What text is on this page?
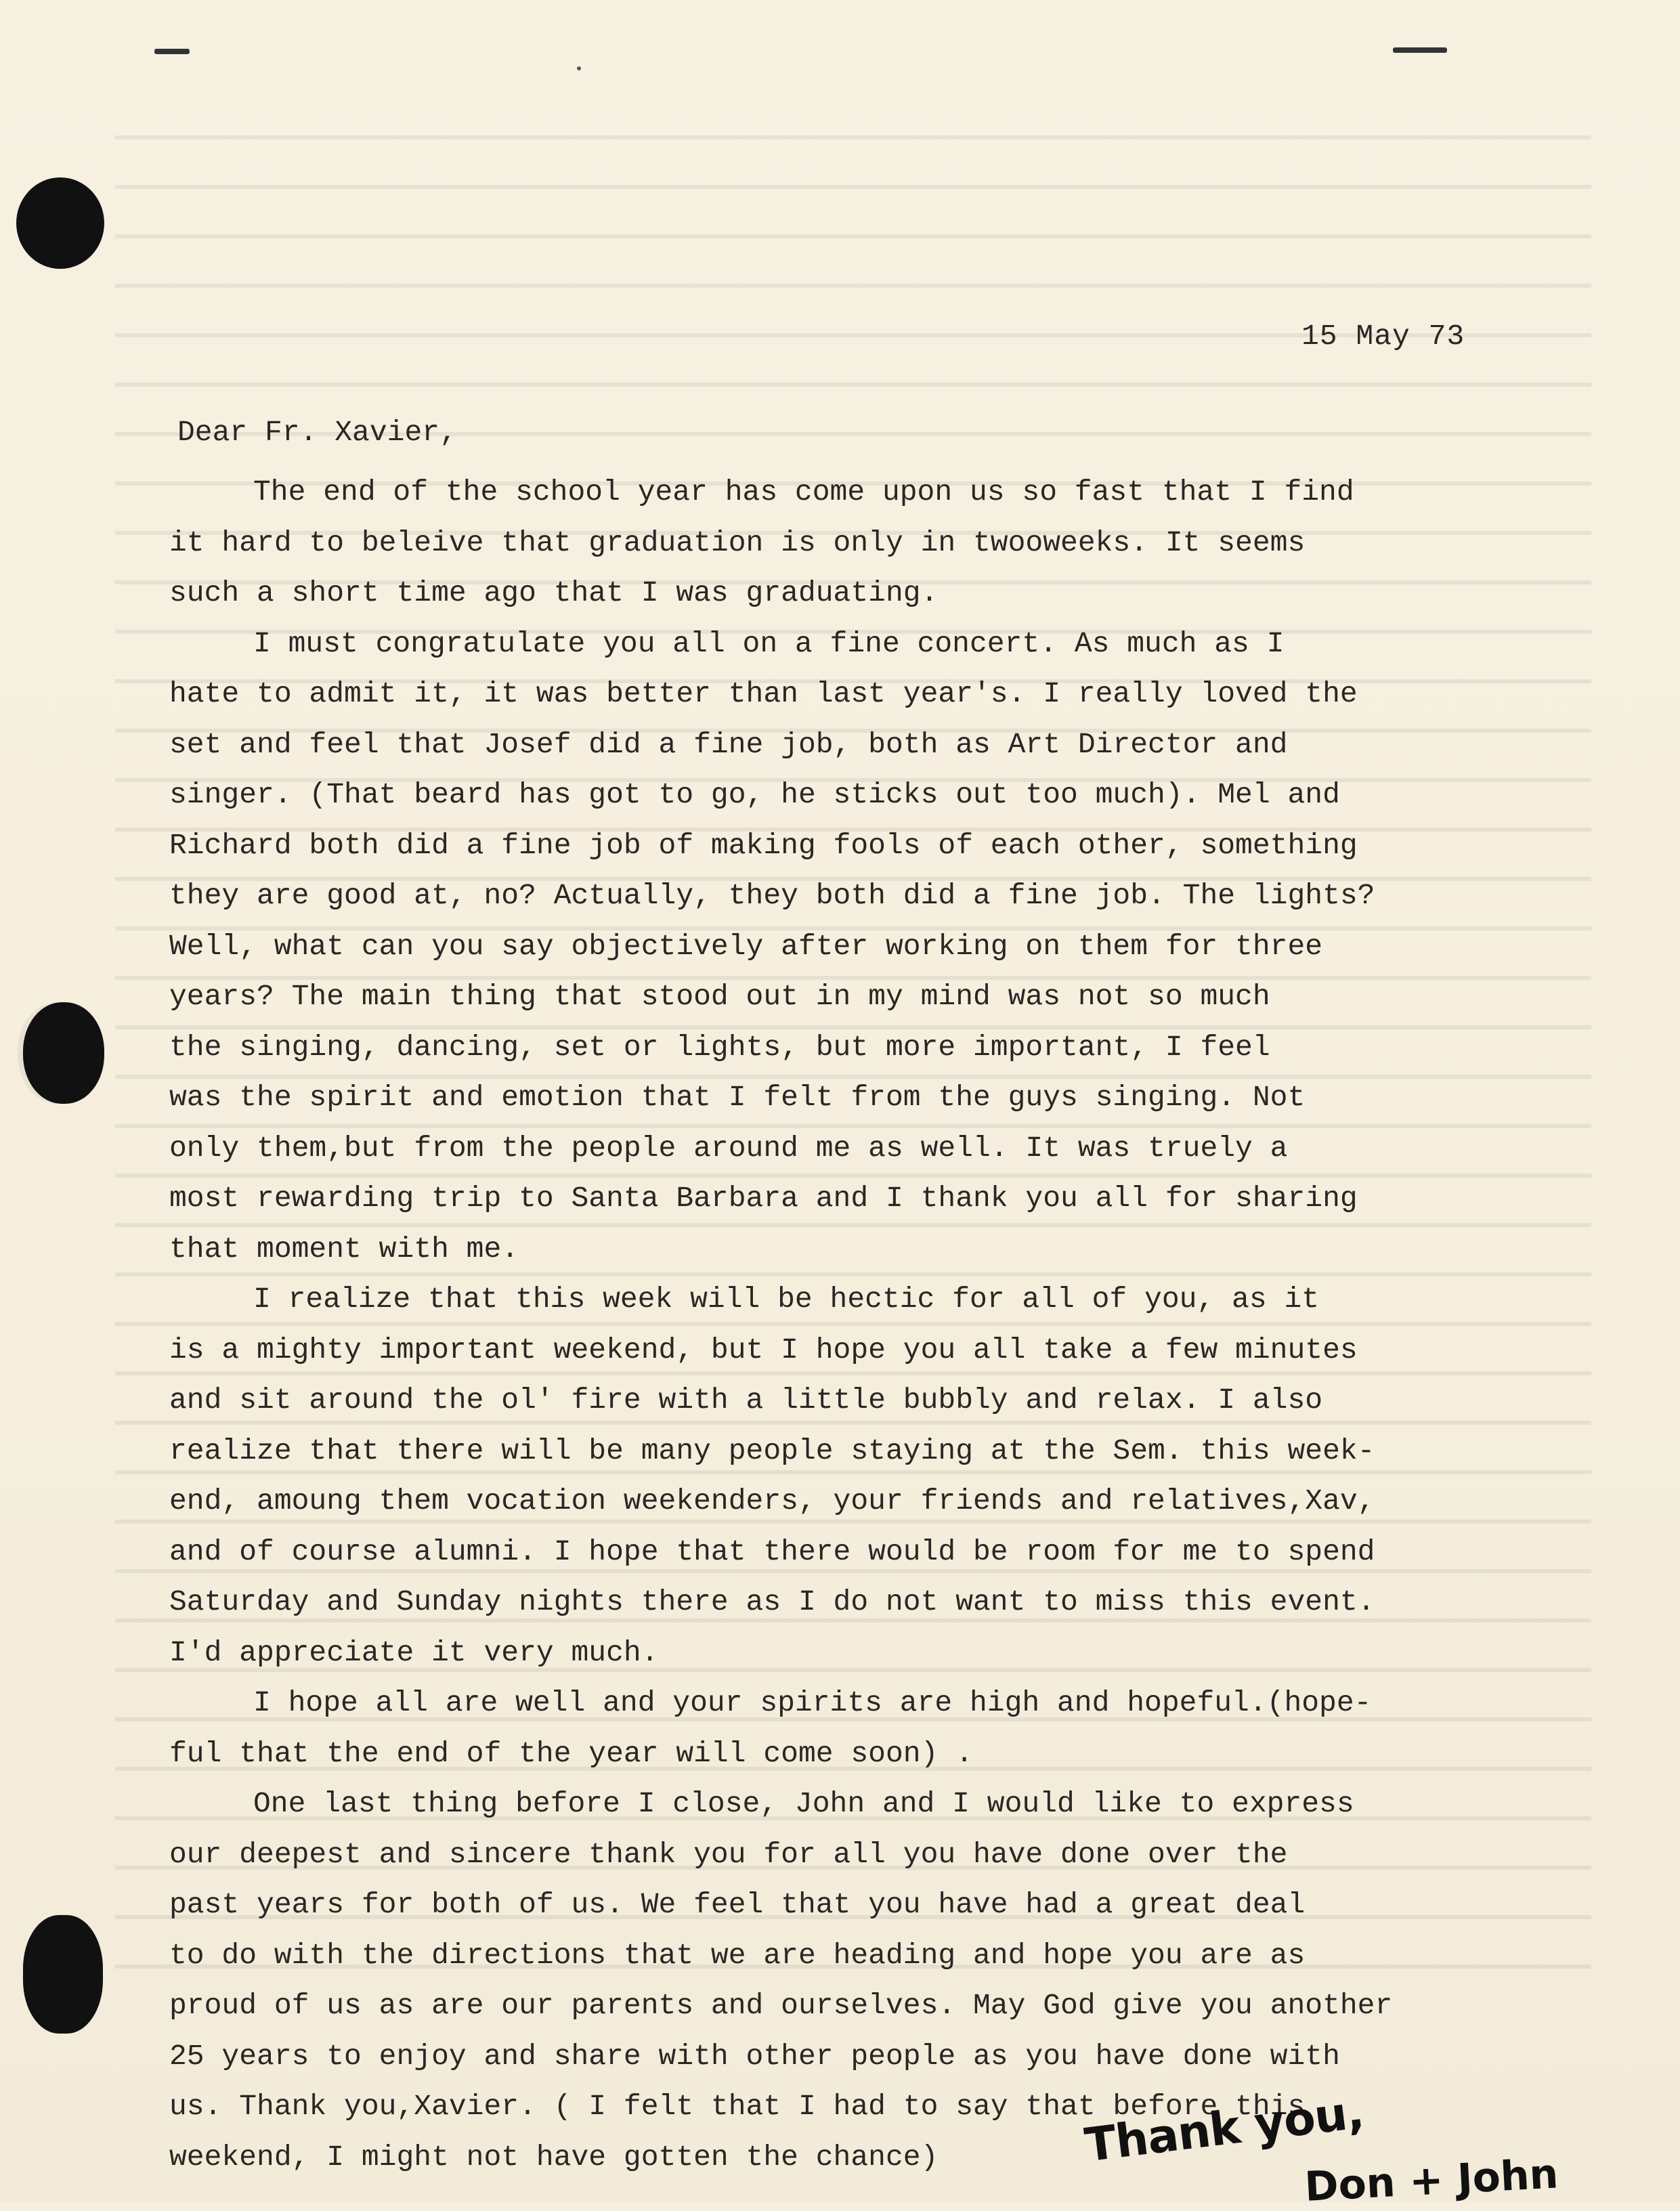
15 May 73
Dear Fr. Xavier,
The end of the school year has come upon us so fast that I find
it hard to beleive that graduation is only in twooweeks. It seems
such a short time ago that I was graduating.
I must congratulate you all on a fine concert. As much as I
hate to admit it, it was better than last year's. I really loved the
set and feel that Josef did a fine job, both as Art Director and
singer. (That beard has got to go, he sticks out too much). Mel and
Richard both did a fine job of making fools of each other, something
they are good at, no? Actually, they both did a fine job. The lights?
Well, what can you say objectively after working on them for three
years? The main thing that stood out in my mind was not so much
the singing, dancing, set or lights, but more important, I feel
was the spirit and emotion that I felt from the guys singing. Not
only them,but from the people around me as well. It was truely a
most rewarding trip to Santa Barbara and I thank you all for sharing
that moment with me.
I realize that this week will be hectic for all of you, as it
is a mighty important weekend, but I hope you all take a few minutes
and sit around the ol' fire with a little bubbly and relax. I also
realize that there will be many people staying at the Sem. this week-
end, amoung them vocation weekenders, your friends and relatives,Xav,
and of course alumni. I hope that there would be room for me to spend
Saturday and Sunday nights there as I do not want to miss this event.
I'd appreciate it very much.
I hope all are well and your spirits are high and hopeful.(hope-
ful that the end of the year will come soon) .
One last thing before I close, John and I would like to express
our deepest and sincere thank you for all you have done over the
past years for both of us. We feel that you have had a great deal
to do with the directions that we are heading and hope you are as
proud of us as are our parents and ourselves. May God give you another
25 years to enjoy and share with other people as you have done with
us. Thank you,Xavier. ( I felt that I had to say that before this
weekend, I might not have gotten the chance)	Thank you,
Don + John
